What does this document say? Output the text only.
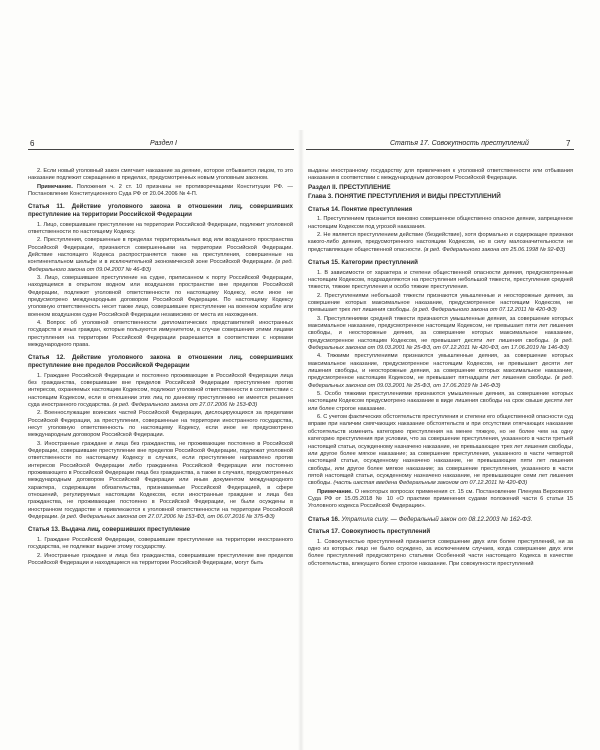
6	Раздел I	Статья 17. Совокупность преступлений	7

2. Если новый уголовный закон смягчает наказание за деяние, которое отбывается лицом, то это наказание подлежит сокращению в пределах, предусмотренных новым уголовным законом.

Примечание. Положения ч. 2 ст. 10 признаны не противоречащими Конституции РФ. — Постановление Конституционного Суда РФ от 20.04.2006 № 4-П.

Статья 11. Действие уголовного закона в отношении лиц, совершивших преступление на территории Российской Федерации

1. Лицо, совершившее преступление на территории Российской Федерации, подлежит уголовной ответственности по настоящему Кодексу.

2. Преступления, совершенные в пределах территориальных вод или воздушного пространства Российской Федерации, признаются совершенными на территории Российской Федерации. Действие настоящего Кодекса распространяется также на преступления, совершенные на континентальном шельфе и в исключительной экономической зоне Российской Федерации. (в ред. Федерального закона от 09.04.2007 № 46-ФЗ)

3. Лицо, совершившее преступление на судне, приписанном к порту Российской Федерации, находящемся в открытом водном или воздушном пространстве вне пределов Российской Федерации, подлежит уголовной ответственности по настоящему Кодексу, если иное не предусмотрено международным договором Российской Федерации. По настоящему Кодексу уголовную ответственность несет также лицо, совершившее преступление на военном корабле или военном воздушном судне Российской Федерации независимо от места их нахождения.

4. Вопрос об уголовной ответственности дипломатических представителей иностранных государств и иных граждан, которые пользуются иммунитетом, в случае совершения этими лицами преступления на территории Российской Федерации разрешается в соответствии с нормами международного права.

Статья 12. Действие уголовного закона в отношении лиц, совершивших преступление вне пределов Российской Федерации

1. Граждане Российской Федерации и постоянно проживающие в Российской Федерации лица без гражданства, совершившие вне пределов Российской Федерации преступление против интересов, охраняемых настоящим Кодексом, подлежат уголовной ответственности в соответствии с настоящим Кодексом, если в отношении этих лиц по данному преступлению не имеется решения суда иностранного государства. (в ред. Федерального закона от 27.07.2006 № 153-ФЗ)

2. Военнослужащие воинских частей Российской Федерации, дислоцирующихся за пределами Российской Федерации, за преступления, совершенные на территории иностранного государства, несут уголовную ответственность по настоящему Кодексу, если иное не предусмотрено международным договором Российской Федерации.

3. Иностранные граждане и лица без гражданства, не проживающие постоянно в Российской Федерации, совершившие преступление вне пределов Российской Федерации, подлежат уголовной ответственности по настоящему Кодексу в случаях, если преступление направлено против интересов Российской Федерации либо гражданина Российской Федерации или постоянно проживающего в Российской Федерации лица без гражданства, а также в случаях, предусмотренных международным договором Российской Федерации или иным документом международного характера, содержащим обязательства, признаваемые Российской Федерацией, в сфере отношений, регулируемых настоящим Кодексом, если иностранные граждане и лица без гражданства, не проживающие постоянно в Российской Федерации, не были осуждены в иностранном государстве и привлекаются к уголовной ответственности на территории Российской Федерации. (в ред. Федеральных законов от 27.07.2006 № 153-ФЗ, от 06.07.2016 № 375-ФЗ)

Статья 13. Выдача лиц, совершивших преступление

1. Граждане Российской Федерации, совершившие преступление на территории иностранного государства, не подлежат выдаче этому государству.

2. Иностранные граждане и лица без гражданства, совершившие преступление вне пределов Российской Федерации и находящиеся на территории Российской Федерации, могут быть

выданы иностранному государству для привлечения к уголовной ответственности или отбывания наказания в соответствии с международным договором Российской Федерации.

Раздел II. ПРЕСТУПЛЕНИЕ

Глава 3. ПОНЯТИЕ ПРЕСТУПЛЕНИЯ И ВИДЫ ПРЕСТУПЛЕНИЙ

Статья 14. Понятие преступления

1. Преступлением признается виновно совершенное общественно опасное деяние, запрещенное настоящим Кодексом под угрозой наказания.

2. Не является преступлением действие (бездействие), хотя формально и содержащее признаки какого-либо деяния, предусмотренного настоящим Кодексом, но в силу малозначительности не представляющее общественной опасности. (в ред. Федерального закона от 25.06.1998 № 92-ФЗ)

Статья 15. Категории преступлений

1. В зависимости от характера и степени общественной опасности деяния, предусмотренные настоящим Кодексом, подразделяются на преступления небольшой тяжести, преступления средней тяжести, тяжкие преступления и особо тяжкие преступления.

2. Преступлениями небольшой тяжести признаются умышленные и неосторожные деяния, за совершение которых максимальное наказание, предусмотренное настоящим Кодексом, не превышает трех лет лишения свободы. (в ред. Федерального закона от 07.12.2011 № 420-ФЗ)

3. Преступлениями средней тяжести признаются умышленные деяния, за совершение которых максимальное наказание, предусмотренное настоящим Кодексом, не превышает пяти лет лишения свободы, и неосторожные деяния, за совершение которых максимальное наказание, предусмотренное настоящим Кодексом, не превышает десяти лет лишения свободы. (в ред. Федеральных законов от 09.03.2001 № 25-ФЗ, от 07.12.2011 № 420-ФЗ, от 17.06.2019 № 146-ФЗ)

4. Тяжкими преступлениями признаются умышленные деяния, за совершение которых максимальное наказание, предусмотренное настоящим Кодексом, не превышает десяти лет лишения свободы, и неосторожные деяния, за совершение которых максимальное наказание, предусмотренное настоящим Кодексом, не превышает пятнадцати лет лишения свободы. (в ред. Федеральных законов от 09.03.2001 № 25-ФЗ, от 17.06.2019 № 146-ФЗ)

5. Особо тяжкими преступлениями признаются умышленные деяния, за совершение которых настоящим Кодексом предусмотрено наказание в виде лишения свободы на срок свыше десяти лет или более строгое наказание.

6. С учетом фактических обстоятельств преступления и степени его общественной опасности суд вправе при наличии смягчающих наказание обстоятельств и при отсутствии отягчающих наказание обстоятельств изменить категорию преступления на менее тяжкую, но не более чем на одну категорию преступления при условии, что за совершение преступления, указанного в части третьей настоящей статьи, осужденному назначено наказание, не превышающее трех лет лишения свободы, или другое более мягкое наказание; за совершение преступления, указанного в части четвертой настоящей статьи, осужденному назначено наказание, не превышающее пяти лет лишения свободы, или другое более мягкое наказание; за совершение преступления, указанного в части пятой настоящей статьи, осужденному назначено наказание, не превышающее семи лет лишения свободы. (часть шестая введена Федеральным законом от 07.12.2011 № 420-ФЗ)

Примечание. О некоторых вопросах применения ст. 15 см. Постановление Пленума Верховного Суда РФ от 15.05.2018 № 10 «О практике применения судами положений части 6 статьи 15 Уголовного кодекса Российской Федерации».

Статья 16. Утратила силу. — Федеральный закон от 08.12.2003 № 162-ФЗ.

Статья 17. Совокупность преступлений

1. Совокупностью преступлений признается совершение двух или более преступлений, ни за одно из которых лицо не было осуждено, за исключением случаев, когда совершение двух или более преступлений предусмотрено статьями Особенной части настоящего Кодекса в качестве обстоятельства, влекущего более строгое наказание. При совокупности преступлений
